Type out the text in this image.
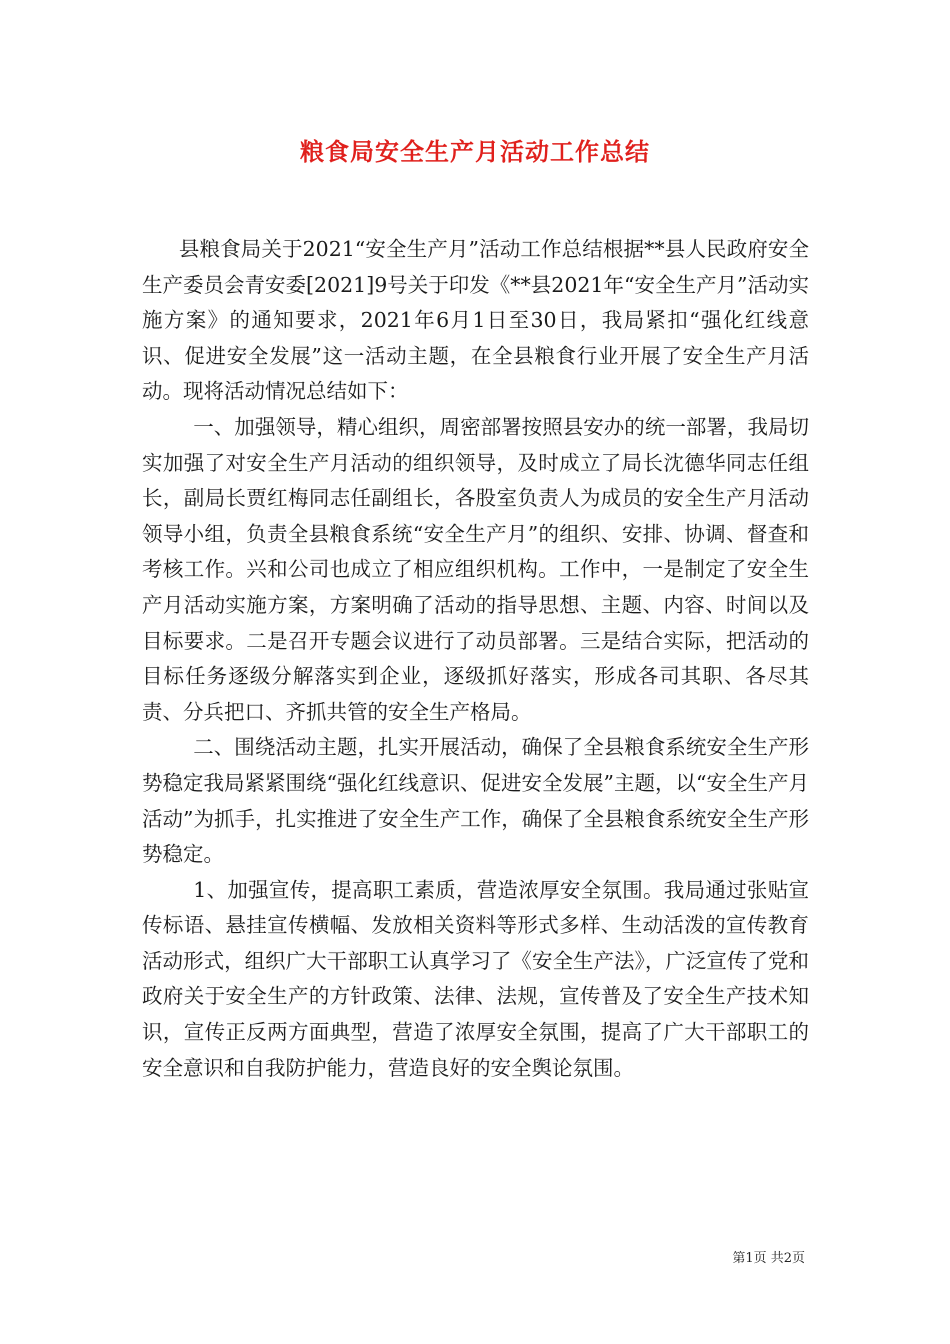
粮食局安全生产月活动工作总结

县粮食局关于2021“安全生产月”活动工作总结根据**县人民政府安全生产委员会青安委[2021]9号关于印发《**县2021年“安全生产月”活动实施方案》的通知要求，2021年6月1日至30日，我局紧扣“强化红线意识、促进安全发展”这一活动主题，在全县粮食行业开展了安全生产月活动。现将活动情况总结如下：

一、加强领导，精心组织，周密部署按照县安办的统一部署，我局切实加强了对安全生产月活动的组织领导，及时成立了局长沈德华同志任组长，副局长贾红梅同志任副组长，各股室负责人为成员的安全生产月活动领导小组，负责全县粮食系统“安全生产月”的组织、安排、协调、督查和考核工作。兴和公司也成立了相应组织机构。工作中，一是制定了安全生产月活动实施方案，方案明确了活动的指导思想、主题、内容、时间以及目标要求。二是召开专题会议进行了动员部署。三是结合实际，把活动的目标任务逐级分解落实到企业，逐级抓好落实，形成各司其职、各尽其责、分兵把口、齐抓共管的安全生产格局。

二、围绕活动主题，扎实开展活动，确保了全县粮食系统安全生产形势稳定我局紧紧围绕“强化红线意识、促进安全发展”主题，以“安全生产月活动”为抓手，扎实推进了安全生产工作，确保了全县粮食系统安全生产形势稳定。

1、加强宣传，提高职工素质，营造浓厚安全氛围。我局通过张贴宣传标语、悬挂宣传横幅、发放相关资料等形式多样、生动活泼的宣传教育活动形式，组织广大干部职工认真学习了《安全生产法》，广泛宣传了党和政府关于安全生产的方针政策、法律、法规，宣传普及了安全生产技术知识，宣传正反两方面典型，营造了浓厚安全氛围，提高了广大干部职工的安全意识和自我防护能力，营造良好的安全舆论氛围。

第1页 共2页
